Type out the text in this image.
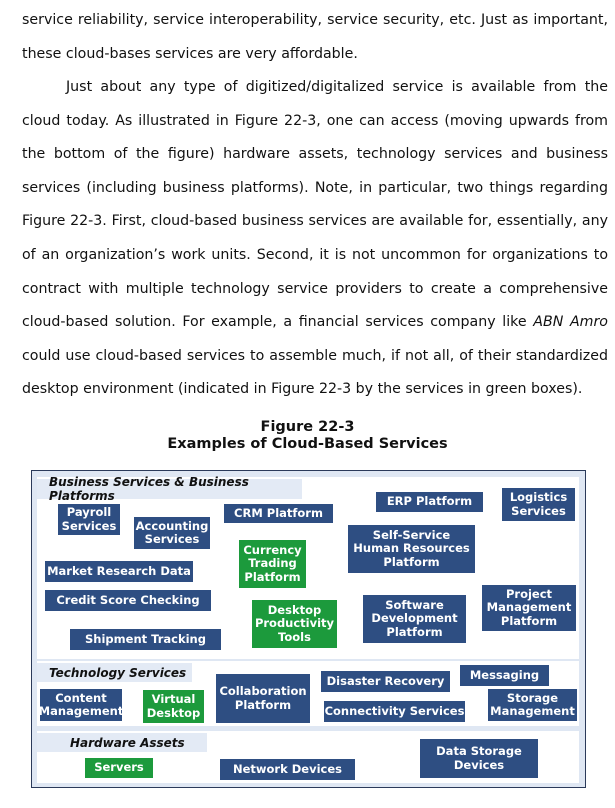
service reliability, service interoperability, service security, etc. Just as important, these cloud-bases services are very affordable.

Just about any type of digitized/digitalized service is available from the cloud today. As illustrated in Figure 22-3, one can access (moving upwards from the bottom of the figure) hardware assets, technology services and business services (including business platforms). Note, in particular, two things regarding Figure 22-3. First, cloud-based business services are available for, essentially, any of an organization’s work units. Second, it is not uncommon for organizations to contract with multiple technology service providers to create a comprehensive cloud-based solution. For example, a financial services company like ABN Amro could use cloud-based services to assemble much, if not all, of their standardized desktop environment (indicated in Figure 22-3 by the services in green boxes).

Figure 22-3
Examples of Cloud-Based Services
Business Services & Business Platforms
Payroll
Services	Accounting
Services
CRM Platform
ERP Platform	Logistics
Services
Currency
Trading
Platform
Self-Service
Human Resources
Platform
Market Research Data
Credit Score Checking
Desktop
Productivity
Tools
Software
Development
Platform
Project
Management
Platform
Shipment Tracking
Technology Services
Content
Management
Virtual
Desktop
Collaboration
Platform
Disaster Recovery	Messaging
Connectivity Services
Storage
Management
Hardware Assets
Servers	Network Devices
Data Storage
Devices
